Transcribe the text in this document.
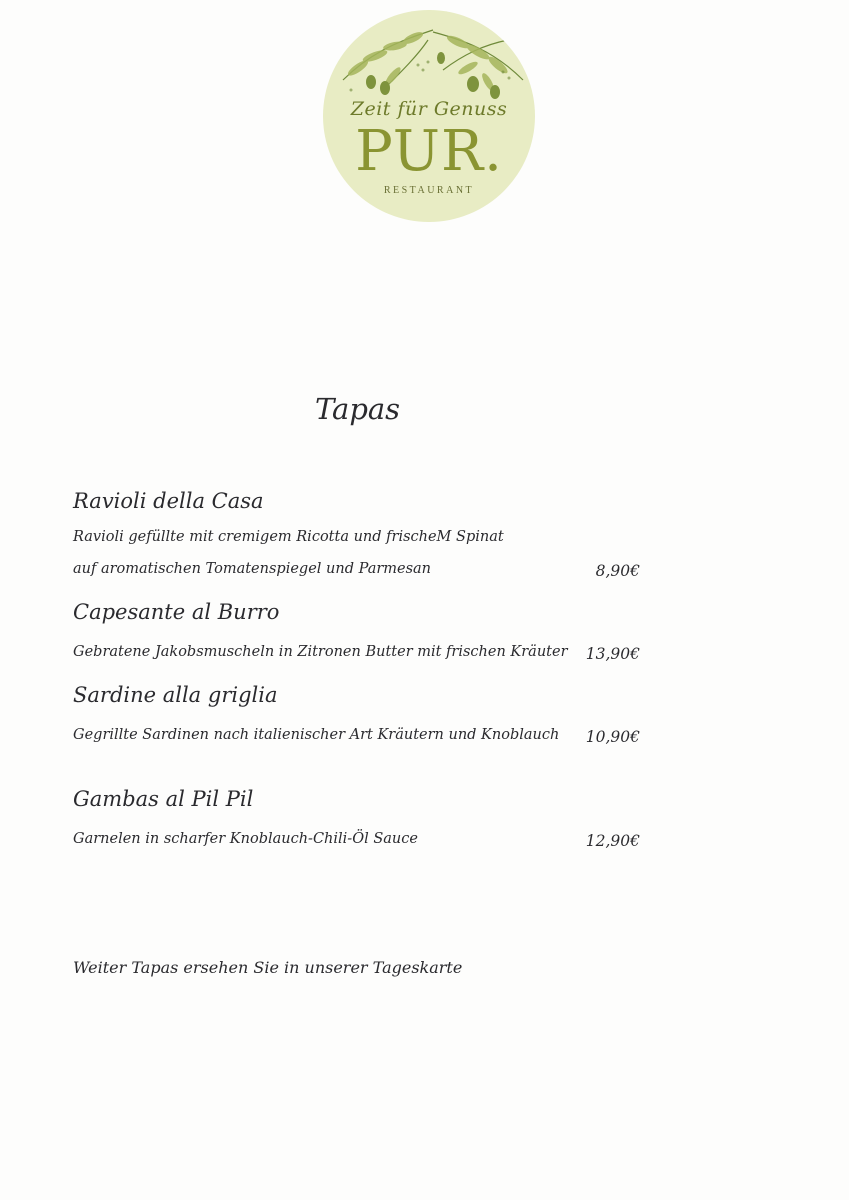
Zeit für Genuss
PUR.
RESTAURANT
Tapas
Ravioli della Casa
Ravioli gefüllte mit cremigem Ricotta und frischeM Spinat
auf aromatischen Tomatenspiegel und Parmesan	8,90€
Capesante al Burro
Gebratene Jakobsmuscheln in Zitronen Butter mit frischen Kräuter	13,90€
Sardine alla griglia
Gegrillte Sardinen nach italienischer Art Kräutern und Knoblauch	10,90€
Gambas al Pil Pil
Garnelen in scharfer Knoblauch-Chili-Öl Sauce	12,90€
Weiter Tapas ersehen Sie in unserer Tageskarte
